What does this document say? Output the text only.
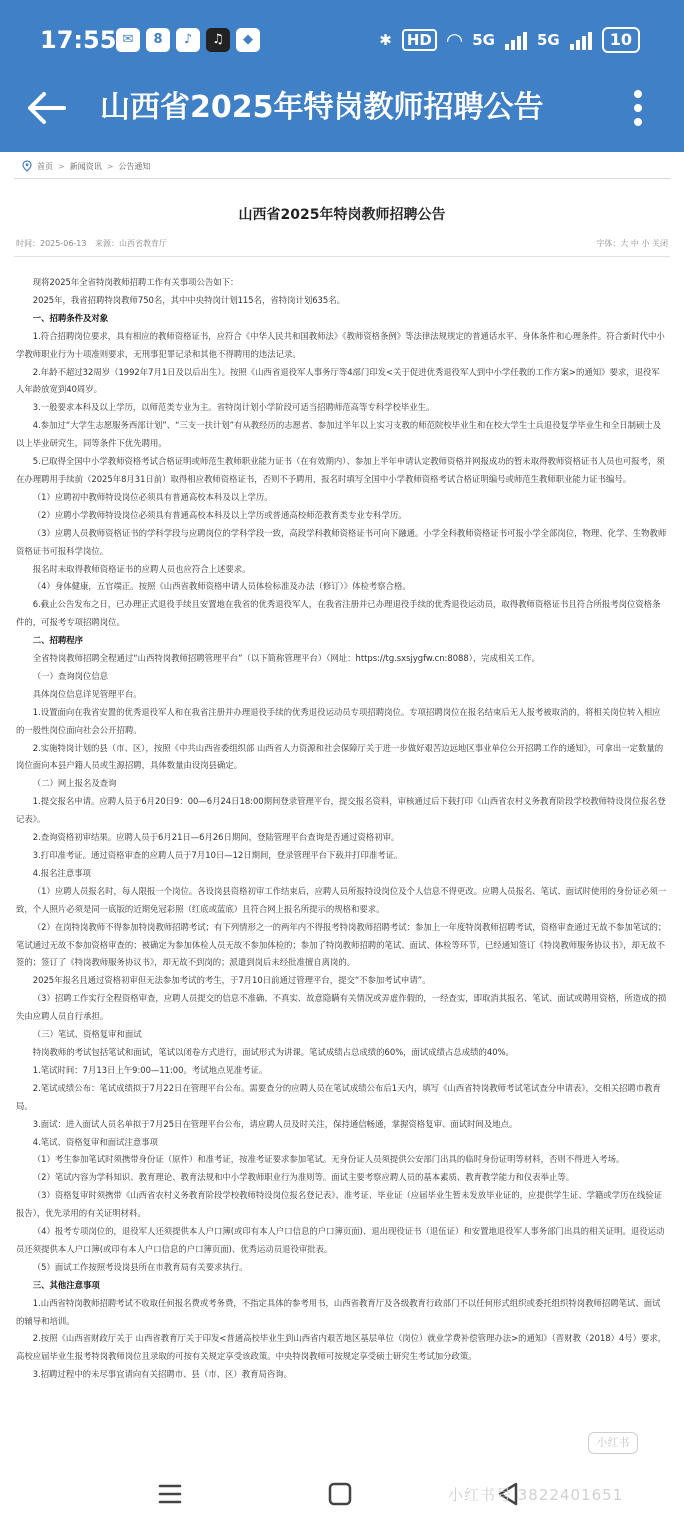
17:55 ✉	8	♪	♫	◆	✱	HD ◠ 5G	5G	10
山西省2025年特岗教师招聘公告
首页 > 新闻资讯 > 公告通知
山西省2025年特岗教师招聘公告
时间：2025-06-13 来源：山西省教育厅	字体：大 中 小 关闭

现将2025年全省特岗教师招聘工作有关事项公告如下：

2025年，我省招聘特岗教师750名，其中中央特岗计划115名，省特岗计划635名。

一、招聘条件及对象

1.符合招聘岗位要求，具有相应的教师资格证书，应符合《中华人民共和国教师法》《教师资格条例》等法律法规规定的普通话水平、身体条件和心理条件。符合新时代中小学教师职业行为十项准则要求，无刑事犯罪记录和其他不得聘用的违法记录。

2.年龄不超过32周岁（1992年7月1日及以后出生）。按照《山西省退役军人事务厅等4部门印发<关于促进优秀退役军人到中小学任教的工作方案>的通知》要求，退役军人年龄放宽到40周岁。

3.一般要求本科及以上学历，以师范类专业为主。省特岗计划小学阶段可适当招聘师范高等专科学校毕业生。

4.参加过“大学生志愿服务西部计划”、“三支一扶计划”有从教经历的志愿者、参加过半年以上实习支教的师范院校毕业生和在校大学生士兵退役复学毕业生和全日制硕士及以上毕业研究生，同等条件下优先聘用。

5.已取得全国中小学教师资格考试合格证明或师范生教师职业能力证书（在有效期内）、参加上半年申请认定教师资格并网报成功的暂未取得教师资格证书人员也可报考，须在办理聘用手续前（2025年8月31日前）取得相应教师资格证书，否则不予聘用，报名时填写全国中小学教师资格考试合格证明编号或师范生教师职业能力证书编号。

（1）应聘初中教师特设岗位必须具有普通高校本科及以上学历。

（2）应聘小学教师特设岗位必须具有普通高校本科及以上学历或普通高校师范教育类专业专科学历。

（3）应聘人员教师资格证书的学科学段与应聘岗位的学科学段一致，高段学科教师资格证书可向下融通。小学全科教师资格证书可报小学全部岗位，物理、化学、生物教师资格证书可报科学岗位。

报名时未取得教师资格证书的应聘人员也应符合上述要求。

（4）身体健康，五官端正。按照《山西省教师资格申请人员体检标准及办法（修订）》体检考察合格。

6.截止公告发布之日，已办理正式退役手续且安置地在我省的优秀退役军人，在我省注册并已办理退役手续的优秀退役运动员，取得教师资格证书且符合所报考岗位资格条件的，可报考专项招聘岗位。

二、招聘程序

全省特岗教师招聘全程通过“山西特岗教师招聘管理平台”（以下简称管理平台）（网址：https://tg.sxsjygfw.cn:8088），完成相关工作。

（一）查询岗位信息

具体岗位信息详见管理平台。

1.设置面向在我省安置的优秀退役军人和在我省注册并办理退役手续的优秀退役运动员专项招聘岗位。专项招聘岗位在报名结束后无人报考被取消的，将相关岗位转入相应的一般性岗位面向社会公开招聘。

2.实施特岗计划的县（市、区），按照《中共山西省委组织部 山西省人力资源和社会保障厅关于进一步做好艰苦边远地区事业单位公开招聘工作的通知》，可拿出一定数量的岗位面向本县户籍人员或生源招聘，具体数量由设岗县确定。

（二）网上报名及查询

1.提交报名申请。应聘人员于6月20日9：00—6月24日18:00期间登录管理平台，提交报名资料，审核通过后下载打印《山西省农村义务教育阶段学校教师特设岗位报名登记表》。

2.查询资格初审结果。应聘人员于6月21日—6月26日期间，登陆管理平台查询是否通过资格初审。

3.打印准考证。通过资格审查的应聘人员于7月10日—12日期间，登录管理平台下载并打印准考证。

4.报名注意事项

（1）应聘人员报名时，每人限报一个岗位。各设岗县资格初审工作结束后，应聘人员所报特设岗位及个人信息不得更改。应聘人员报名、笔试、面试时使用的身份证必须一致，个人照片必须是同一底版的近期免冠彩照（红底或蓝底）且符合网上报名所提示的规格和要求。

（2）在岗特岗教师不得参加特岗教师招聘考试；有下列情形之一的两年内不得报考特岗教师招聘考试：参加上一年度特岗教师招聘考试，资格审查通过无故不参加笔试的；笔试通过无故不参加资格审查的；被确定为参加体检人员无故不参加体检的；参加了特岗教师招聘的笔试、面试、体检等环节，已经通知签订《特岗教师服务协议书》，却无故不签的；签订了《特岗教师服务协议书》，却无故不到岗的；派遣到岗后未经批准擅自离岗的。

2025年报名且通过资格初审但无法参加考试的考生，于7月10日前通过管理平台，提交“不参加考试申请”。

（3）招聘工作实行全程资格审查，应聘人员提交的信息不准确、不真实、故意隐瞒有关情况或弄虚作假的，一经查实，即取消其报名、笔试、面试或聘用资格，所造成的损失由应聘人员自行承担。

（三）笔试、资格复审和面试

特岗教师的考试包括笔试和面试，笔试以闭卷方式进行，面试形式为讲课。笔试成绩占总成绩的60%，面试成绩占总成绩的40%。

1.笔试时间：7月13日上午9:00—11:00。考试地点见准考证。

2.笔试成绩公布：笔试成绩拟于7月22日在管理平台公布。需要查分的应聘人员在笔试成绩公布后1天内，填写《山西省特岗教师考试笔试查分申请表》，交相关招聘市教育局。

3.面试：进入面试人员名单拟于7月25日在管理平台公布，请应聘人员及时关注，保持通信畅通，掌握资格复审、面试时间及地点。

4.笔试、资格复审和面试注意事项

（1）考生参加笔试时须携带身份证（原件）和准考证，按准考证要求参加笔试。无身份证人员须提供公安部门出具的临时身份证明等材料，否则不得进入考场。

（2）笔试内容为学科知识、教育理论、教育法规和中小学教师职业行为准则等。面试主要考察应聘人员的基本素质、教育教学能力和仪表举止等。

（3）资格复审时须携带《山西省农村义务教育阶段学校教师特设岗位报名登记表》、准考证、毕业证（应届毕业生暂未发放毕业证的，应提供学生证、学籍或学历在线验证报告），优先录用的有关证明材料。

（4）报考专项岗位的，退役军人还须提供本人户口簿(或印有本人户口信息的户口簿页面)、退出现役证书（退伍证）和安置地退役军人事务部门出具的相关证明。退役运动员还须提供本人户口簿(或印有本人户口信息的户口簿页面)、优秀运动员退役审批表。

（5）面试工作按照考设岗县所在市教育局有关要求执行。

三、其他注意事项

1.山西省特岗教师招聘考试不收取任何报名费或考务费，不指定具体的参考用书，山西省教育厅及各级教育行政部门不以任何形式组织或委托组织特岗教师招聘笔试、面试的辅导和培训。

2.按照《山西省财政厅关于 山西省教育厅关于印发<普通高校毕业生到山西省内艰苦地区基层单位（岗位）就业学费补偿管理办法>的通知》（晋财教（2018）4号）要求，高校应届毕业生报考特岗教师岗位且录取的可按有关规定享受该政策。中央特岗教师可按规定享受硕士研究生考试加分政策。

3.招聘过程中的未尽事宜请向有关招聘市、县（市、区）教育局咨询。

小红书
小红书号 3822401651
